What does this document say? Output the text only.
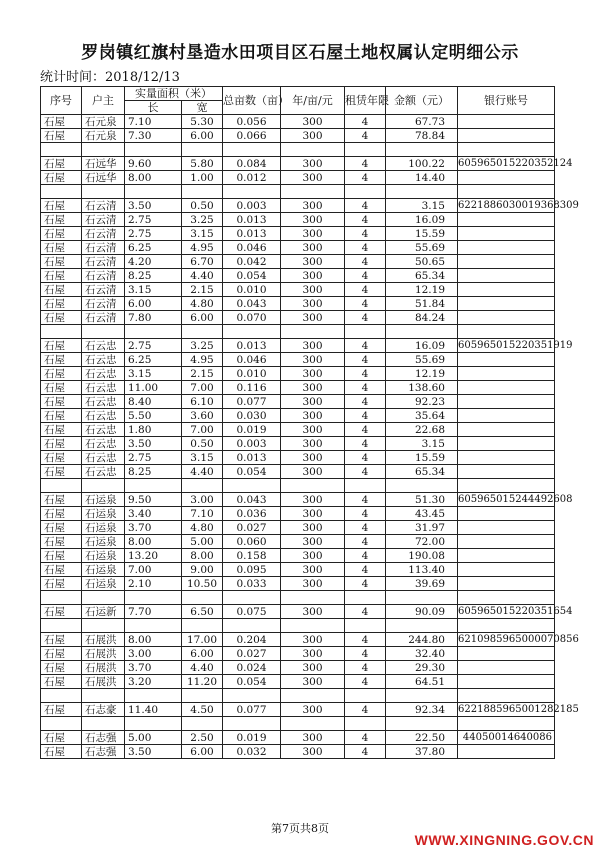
罗岗镇红旗村垦造水田项目区石屋土地权属认定明细公示
统计时间：2018/12/13
序号	户主	实量面积（米）		总亩数（亩）	年/亩/元	租赁年限	金额（元）	银行账号
		长	宽					
石屋	石元泉	7.10	5.30	0.056	300	4	67.73	
石屋	石元泉	7.30	6.00	0.066	300	4	78.84	

石屋	石远华	9.60	5.80	0.084	300	4	100.22	605965015220352124
石屋	石远华	8.00	1.00	0.012	300	4	14.40	

石屋	石云清	3.50	0.50	0.003	300	4	3.15	6221886030019368309
石屋	石云清	2.75	3.25	0.013	300	4	16.09	
石屋	石云清	2.75	3.15	0.013	300	4	15.59	
石屋	石云清	6.25	4.95	0.046	300	4	55.69	
石屋	石云清	4.20	6.70	0.042	300	4	50.65	
石屋	石云清	8.25	4.40	0.054	300	4	65.34	
石屋	石云清	3.15	2.15	0.010	300	4	12.19	
石屋	石云清	6.00	4.80	0.043	300	4	51.84	
石屋	石云清	7.80	6.00	0.070	300	4	84.24	

石屋	石云忠	2.75	3.25	0.013	300	4	16.09	605965015220351919
石屋	石云忠	6.25	4.95	0.046	300	4	55.69	
石屋	石云忠	3.15	2.15	0.010	300	4	12.19	
石屋	石云忠	11.00	7.00	0.116	300	4	138.60	
石屋	石云忠	8.40	6.10	0.077	300	4	92.23	
石屋	石云忠	5.50	3.60	0.030	300	4	35.64	
石屋	石云忠	1.80	7.00	0.019	300	4	22.68	
石屋	石云忠	3.50	0.50	0.003	300	4	3.15	
石屋	石云忠	2.75	3.15	0.013	300	4	15.59	
石屋	石云忠	8.25	4.40	0.054	300	4	65.34	

石屋	石运泉	9.50	3.00	0.043	300	4	51.30	605965015244492608
石屋	石运泉	3.40	7.10	0.036	300	4	43.45	
石屋	石运泉	3.70	4.80	0.027	300	4	31.97	
石屋	石运泉	8.00	5.00	0.060	300	4	72.00	
石屋	石运泉	13.20	8.00	0.158	300	4	190.08	
石屋	石运泉	7.00	9.00	0.095	300	4	113.40	
石屋	石运泉	2.10	10.50	0.033	300	4	39.69	

石屋	石运新	7.70	6.50	0.075	300	4	90.09	605965015220351654

石屋	石展洪	8.00	17.00	0.204	300	4	244.80	6210985965000070856
石屋	石展洪	3.00	6.00	0.027	300	4	32.40	
石屋	石展洪	3.70	4.40	0.024	300	4	29.30	
石屋	石展洪	3.20	11.20	0.054	300	4	64.51	

石屋	石志豪	11.40	4.50	0.077	300	4	92.34	6221885965001282185

石屋	石志强	5.00	2.50	0.019	300	4	22.50	44050014640086
石屋	石志强	3.50	6.00	0.032	300	4	37.80	
第7页共8页
WWW.XINGNING.GOV.CN
